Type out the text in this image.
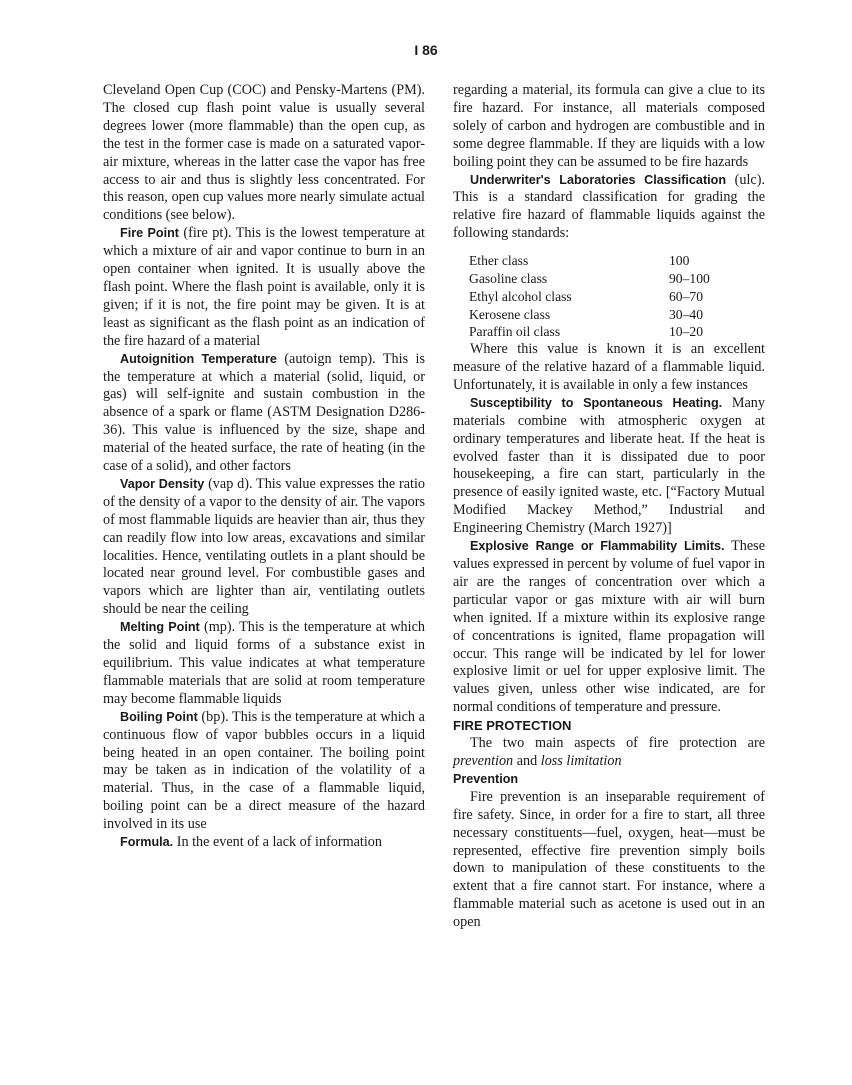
I 86

Cleveland Open Cup (COC) and Pensky-Martens (PM). The closed cup flash point value is usually several degrees lower (more flammable) than the open cup, as the test in the former case is made on a saturated vapor-air mixture, whereas in the latter case the vapor has free access to air and thus is slightly less concentrated. For this reason, open cup values more nearly simulate actual conditions (see below).

Fire Point (fire pt). This is the lowest temperature at which a mixture of air and vapor continue to burn in an open container when ignited. It is usually above the flash point. Where the flash point is available, only it is given; if it is not, the fire point may be given. It is at least as significant as the flash point as an indication of the fire hazard of a material

Autoignition Temperature (autoign temp). This is the temperature at which a material (solid, liquid, or gas) will self-ignite and sustain combustion in the absence of a spark or flame (ASTM Designation D286-36). This value is influenced by the size, shape and material of the heated surface, the rate of heating (in the case of a solid), and other factors

Vapor Density (vap d). This value expresses the ratio of the density of a vapor to the density of air. The vapors of most flammable liquids are heavier than air, thus they can readily flow into low areas, excavations and similar localities. Hence, ventilating outlets in a plant should be located near ground level. For combustible gases and vapors which are lighter than air, ventilating outlets should be near the ceiling

Melting Point (mp). This is the temperature at which the solid and liquid forms of a substance exist in equilibrium. This value indicates at what temperature flammable materials that are solid at room temperature may become flammable liquids

Boiling Point (bp). This is the temperature at which a continuous flow of vapor bubbles occurs in a liquid being heated in an open container. The boiling point may be taken as in indication of the volatility of a material. Thus, in the case of a flammable liquid, boiling point can be a direct measure of the hazard involved in its use

Formula. In the event of a lack of information

regarding a material, its formula can give a clue to its fire hazard. For instance, all materials composed solely of carbon and hydrogen are combustible and in some degree flammable. If they are liquids with a low boiling point they can be assumed to be fire hazards

Underwriter's Laboratories Classification (ulc). This is a standard classification for grading the relative fire hazard of flammable liquids against the following standards:

Ether class	100
Gasoline class	90–100
Ethyl alcohol class	60–70
Kerosene class	30–40
Paraffin oil class	10–20

Where this value is known it is an excellent measure of the relative hazard of a flammable liquid. Unfortunately, it is available in only a few instances

Susceptibility to Spontaneous Heating. Many materials combine with atmospheric oxygen at ordinary temperatures and liberate heat. If the heat is evolved faster than it is dissipated due to poor housekeeping, a fire can start, particularly in the presence of easily ignited waste, etc. [“Factory Mutual Modified Mackey Method,” Industrial and Engineering Chemistry (March 1927)]

Explosive Range or Flammability Limits. These values expressed in percent by volume of fuel vapor in air are the ranges of concentration over which a particular vapor or gas mixture with air will burn when ignited. If a mixture within its explosive range of concentrations is ignited, flame propagation will occur. This range will be indicated by lel for lower explosive limit or uel for upper explosive limit. The values given, unless other wise indicated, are for normal conditions of temperature and pressure.

FIRE PROTECTION

The two main aspects of fire protection are prevention and loss limitation

Prevention

Fire prevention is an inseparable requirement of fire safety. Since, in order for a fire to start, all three necessary constituents—fuel, oxygen, heat—must be represented, effective fire prevention simply boils down to manipulation of these constituents to the extent that a fire cannot start. For instance, where a flammable material such as acetone is used out in an open
